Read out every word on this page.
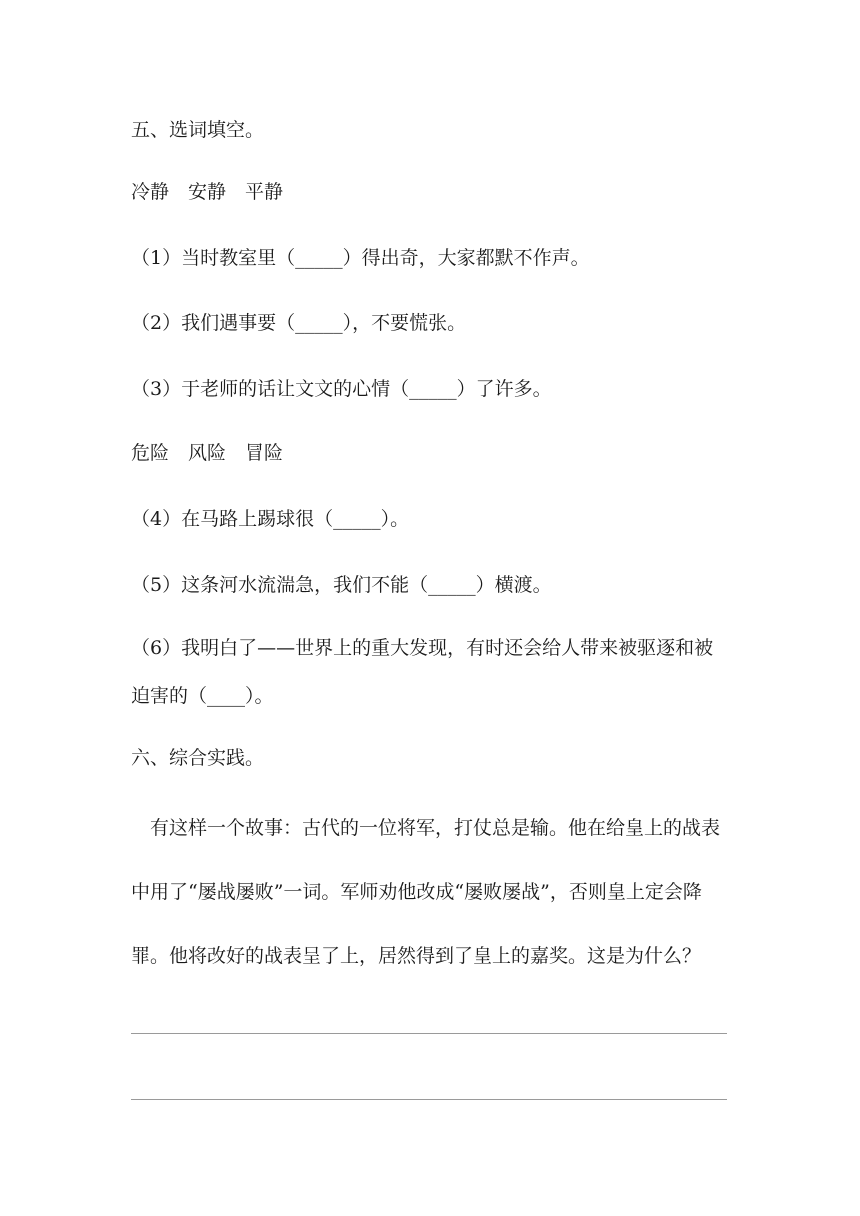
五、选词填空。
冷静　安静　平静
（1）当时教室里（_____）得出奇，大家都默不作声。
（2）我们遇事要（_____），不要慌张。
（3）于老师的话让文文的心情（_____）了许多。
危险　风险　冒险
（4）在马路上踢球很（_____）。
（5）这条河水流湍急，我们不能（_____）横渡。
（6）我明白了——世界上的重大发现，有时还会给人带来被驱逐和被迫害的（____）。
六、综合实践。
有这样一个故事：古代的一位将军，打仗总是输。他在给皇上的战表中用了“屡战屡败”一词。军师劝他改成“屡败屡战”，否则皇上定会降罪。他将改好的战表呈了上，居然得到了皇上的嘉奖。这是为什么？
